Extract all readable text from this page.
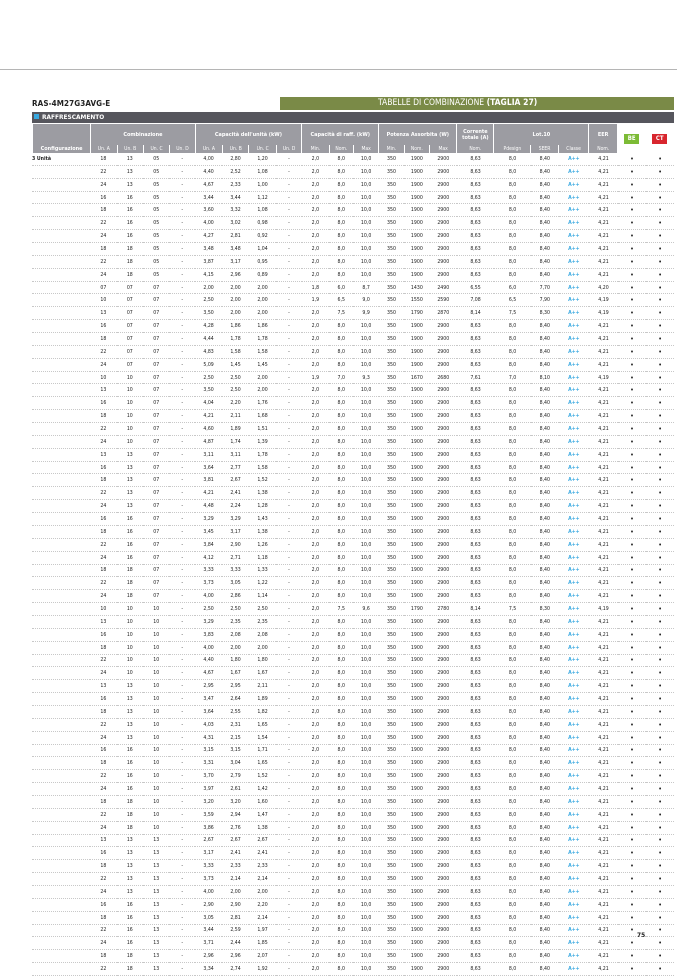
RAS-4M27G3AVG-E	TABELLE DI COMBINAZIONE (TAGLIA 27)
RAFFRESCAMENTO
Configurazione	Combinazione				Capacità dell'unità (kW)				Capacità di raff. (kW)			Potenza Assorbita (W)			Corrente totale (A)	Lot.10			EER	BE	CT
	Un. A	Un. B	Un. C	Un. D	Un. A	Un. B	Un. C	Un. D	Min.	Nom.	Max	Min.	Nom.	Max	Nom.	Pdesign	SEER	Classe	Nom.		
3 Unità	18	13	05	-	4,00	2,80	1,20	-	2,0	8,0	10,0	350	1900	2900	8,63	8,0	8,40	A++	4,21	•	•
	22	13	05	-	4,40	2,52	1,08	-	2,0	8,0	10,0	350	1900	2900	8,63	8,0	8,40	A++	4,21	•	•
	24	13	05	-	4,67	2,33	1,00	-	2,0	8,0	10,0	350	1900	2900	8,63	8,0	8,40	A++	4,21	•	•
	16	16	05	-	3,44	3,44	1,12	-	2,0	8,0	10,0	350	1900	2900	8,63	8,0	8,40	A++	4,21	•	•
	18	16	05	-	3,60	3,32	1,08	-	2,0	8,0	10,0	350	1900	2900	8,63	8,0	8,40	A++	4,21	•	•
	22	16	05	-	4,00	3,02	0,98	-	2,0	8,0	10,0	350	1900	2900	8,63	8,0	8,40	A++	4,21	•	•
	24	16	05	-	4,27	2,81	0,92	-	2,0	8,0	10,0	350	1900	2900	8,63	8,0	8,40	A++	4,21	•	•
	18	18	05	-	3,48	3,48	1,04	-	2,0	8,0	10,0	350	1900	2900	8,63	8,0	8,40	A++	4,21	•	•
	22	18	05	-	3,87	3,17	0,95	-	2,0	8,0	10,0	350	1900	2900	8,63	8,0	8,40	A++	4,21	•	•
	24	18	05	-	4,15	2,96	0,89	-	2,0	8,0	10,0	350	1900	2900	8,63	8,0	8,40	A++	4,21	•	•
	07	07	07	-	2,00	2,00	2,00	-	1,8	6,0	8,7	350	1430	2490	6,55	6,0	7,70	A++	4,20	•	•
	10	07	07	-	2,50	2,00	2,00	-	1,9	6,5	9,0	350	1550	2590	7,08	6,5	7,90	A++	4,19	•	•
	13	07	07	-	3,50	2,00	2,00	-	2,0	7,5	9,9	350	1790	2870	8,14	7,5	8,30	A++	4,19	•	•
	16	07	07	-	4,28	1,86	1,86	-	2,0	8,0	10,0	350	1900	2900	8,63	8,0	8,40	A++	4,21	•	•
	18	07	07	-	4,44	1,78	1,78	-	2,0	8,0	10,0	350	1900	2900	8,63	8,0	8,40	A++	4,21	•	•
	22	07	07	-	4,83	1,58	1,58	-	2,0	8,0	10,0	350	1900	2900	8,63	8,0	8,40	A++	4,21	•	•
	24	07	07	-	5,09	1,45	1,45	-	2,0	8,0	10,0	350	1900	2900	8,63	8,0	8,40	A++	4,21	•	•
	10	10	07	-	2,50	2,50	2,00	-	1,9	7,0	9,3	350	1670	2680	7,61	7,0	8,10	A++	4,19	•	•
	13	10	07	-	3,50	2,50	2,00	-	2,0	8,0	10,0	350	1900	2900	8,63	8,0	8,40	A++	4,21	•	•
	16	10	07	-	4,04	2,20	1,76	-	2,0	8,0	10,0	350	1900	2900	8,63	8,0	8,40	A++	4,21	•	•
	18	10	07	-	4,21	2,11	1,68	-	2,0	8,0	10,0	350	1900	2900	8,63	8,0	8,40	A++	4,21	•	•
	22	10	07	-	4,60	1,89	1,51	-	2,0	8,0	10,0	350	1900	2900	8,63	8,0	8,40	A++	4,21	•	•
	24	10	07	-	4,87	1,74	1,39	-	2,0	8,0	10,0	350	1900	2900	8,63	8,0	8,40	A++	4,21	•	•
	13	13	07	-	3,11	3,11	1,78	-	2,0	8,0	10,0	350	1900	2900	8,63	8,0	8,40	A++	4,21	•	•
	16	13	07	-	3,64	2,77	1,58	-	2,0	8,0	10,0	350	1900	2900	8,63	8,0	8,40	A++	4,21	•	•
	18	13	07	-	3,81	2,67	1,52	-	2,0	8,0	10,0	350	1900	2900	8,63	8,0	8,40	A++	4,21	•	•
	22	13	07	-	4,21	2,41	1,38	-	2,0	8,0	10,0	350	1900	2900	8,63	8,0	8,40	A++	4,21	•	•
	24	13	07	-	4,48	2,24	1,28	-	2,0	8,0	10,0	350	1900	2900	8,63	8,0	8,40	A++	4,21	•	•
	16	16	07	-	3,29	3,29	1,43	-	2,0	8,0	10,0	350	1900	2900	8,63	8,0	8,40	A++	4,21	•	•
	18	16	07	-	3,45	3,17	1,38	-	2,0	8,0	10,0	350	1900	2900	8,63	8,0	8,40	A++	4,21	•	•
	22	16	07	-	3,84	2,90	1,26	-	2,0	8,0	10,0	350	1900	2900	8,63	8,0	8,40	A++	4,21	•	•
	24	16	07	-	4,12	2,71	1,18	-	2,0	8,0	10,0	350	1900	2900	8,63	8,0	8,40	A++	4,21	•	•
	18	18	07	-	3,33	3,33	1,33	-	2,0	8,0	10,0	350	1900	2900	8,63	8,0	8,40	A++	4,21	•	•
	22	18	07	-	3,73	3,05	1,22	-	2,0	8,0	10,0	350	1900	2900	8,63	8,0	8,40	A++	4,21	•	•
	24	18	07	-	4,00	2,86	1,14	-	2,0	8,0	10,0	350	1900	2900	8,63	8,0	8,40	A++	4,21	•	•
	10	10	10	-	2,50	2,50	2,50	-	2,0	7,5	9,6	350	1790	2780	8,14	7,5	8,30	A++	4,19	•	•
	13	10	10	-	3,29	2,35	2,35	-	2,0	8,0	10,0	350	1900	2900	8,63	8,0	8,40	A++	4,21	•	•
	16	10	10	-	3,83	2,08	2,08	-	2,0	8,0	10,0	350	1900	2900	8,63	8,0	8,40	A++	4,21	•	•
	18	10	10	-	4,00	2,00	2,00	-	2,0	8,0	10,0	350	1900	2900	8,63	8,0	8,40	A++	4,21	•	•
	22	10	10	-	4,40	1,80	1,80	-	2,0	8,0	10,0	350	1900	2900	8,63	8,0	8,40	A++	4,21	•	•
	24	10	10	-	4,67	1,67	1,67	-	2,0	8,0	10,0	350	1900	2900	8,63	8,0	8,40	A++	4,21	•	•
	13	13	10	-	2,95	2,95	2,11	-	2,0	8,0	10,0	350	1900	2900	8,63	8,0	8,40	A++	4,21	•	•
	16	13	10	-	3,47	2,64	1,89	-	2,0	8,0	10,0	350	1900	2900	8,63	8,0	8,40	A++	4,21	•	•
	18	13	10	-	3,64	2,55	1,82	-	2,0	8,0	10,0	350	1900	2900	8,63	8,0	8,40	A++	4,21	•	•
	22	13	10	-	4,03	2,31	1,65	-	2,0	8,0	10,0	350	1900	2900	8,63	8,0	8,40	A++	4,21	•	•
	24	13	10	-	4,31	2,15	1,54	-	2,0	8,0	10,0	350	1900	2900	8,63	8,0	8,40	A++	4,21	•	•
	16	16	10	-	3,15	3,15	1,71	-	2,0	8,0	10,0	350	1900	2900	8,63	8,0	8,40	A++	4,21	•	•
	18	16	10	-	3,31	3,04	1,65	-	2,0	8,0	10,0	350	1900	2900	8,63	8,0	8,40	A++	4,21	•	•
	22	16	10	-	3,70	2,79	1,52	-	2,0	8,0	10,0	350	1900	2900	8,63	8,0	8,40	A++	4,21	•	•
	24	16	10	-	3,97	2,61	1,42	-	2,0	8,0	10,0	350	1900	2900	8,63	8,0	8,40	A++	4,21	•	•
	18	18	10	-	3,20	3,20	1,60	-	2,0	8,0	10,0	350	1900	2900	8,63	8,0	8,40	A++	4,21	•	•
	22	18	10	-	3,59	2,94	1,47	-	2,0	8,0	10,0	350	1900	2900	8,63	8,0	8,40	A++	4,21	•	•
	24	18	10	-	3,86	2,76	1,38	-	2,0	8,0	10,0	350	1900	2900	8,63	8,0	8,40	A++	4,21	•	•
	13	13	13	-	2,67	2,67	2,67	-	2,0	8,0	10,0	350	1900	2900	8,63	8,0	8,40	A++	4,21	•	•
	16	13	13	-	3,17	2,41	2,41	-	2,0	8,0	10,0	350	1900	2900	8,63	8,0	8,40	A++	4,21	•	•
	18	13	13	-	3,33	2,33	2,33	-	2,0	8,0	10,0	350	1900	2900	8,63	8,0	8,40	A++	4,21	•	•
	22	13	13	-	3,73	2,14	2,14	-	2,0	8,0	10,0	350	1900	2900	8,63	8,0	8,40	A++	4,21	•	•
	24	13	13	-	4,00	2,00	2,00	-	2,0	8,0	10,0	350	1900	2900	8,63	8,0	8,40	A++	4,21	•	•
	16	16	13	-	2,90	2,90	2,20	-	2,0	8,0	10,0	350	1900	2900	8,63	8,0	8,40	A++	4,21	•	•
	18	16	13	-	3,05	2,81	2,14	-	2,0	8,0	10,0	350	1900	2900	8,63	8,0	8,40	A++	4,21	•	•
	22	16	13	-	3,44	2,59	1,97	-	2,0	8,0	10,0	350	1900	2900	8,63	8,0	8,40	A++	4,21	•	•
	24	16	13	-	3,71	2,44	1,85	-	2,0	8,0	10,0	350	1900	2900	8,63	8,0	8,40	A++	4,21	•	•
	18	18	13	-	2,96	2,96	2,07	-	2,0	8,0	10,0	350	1900	2900	8,63	8,0	8,40	A++	4,21	•	•
	22	18	13	-	3,34	2,74	1,92	-	2,0	8,0	10,0	350	1900	2900	8,63	8,0	8,40	A++	4,21	•	•
75
